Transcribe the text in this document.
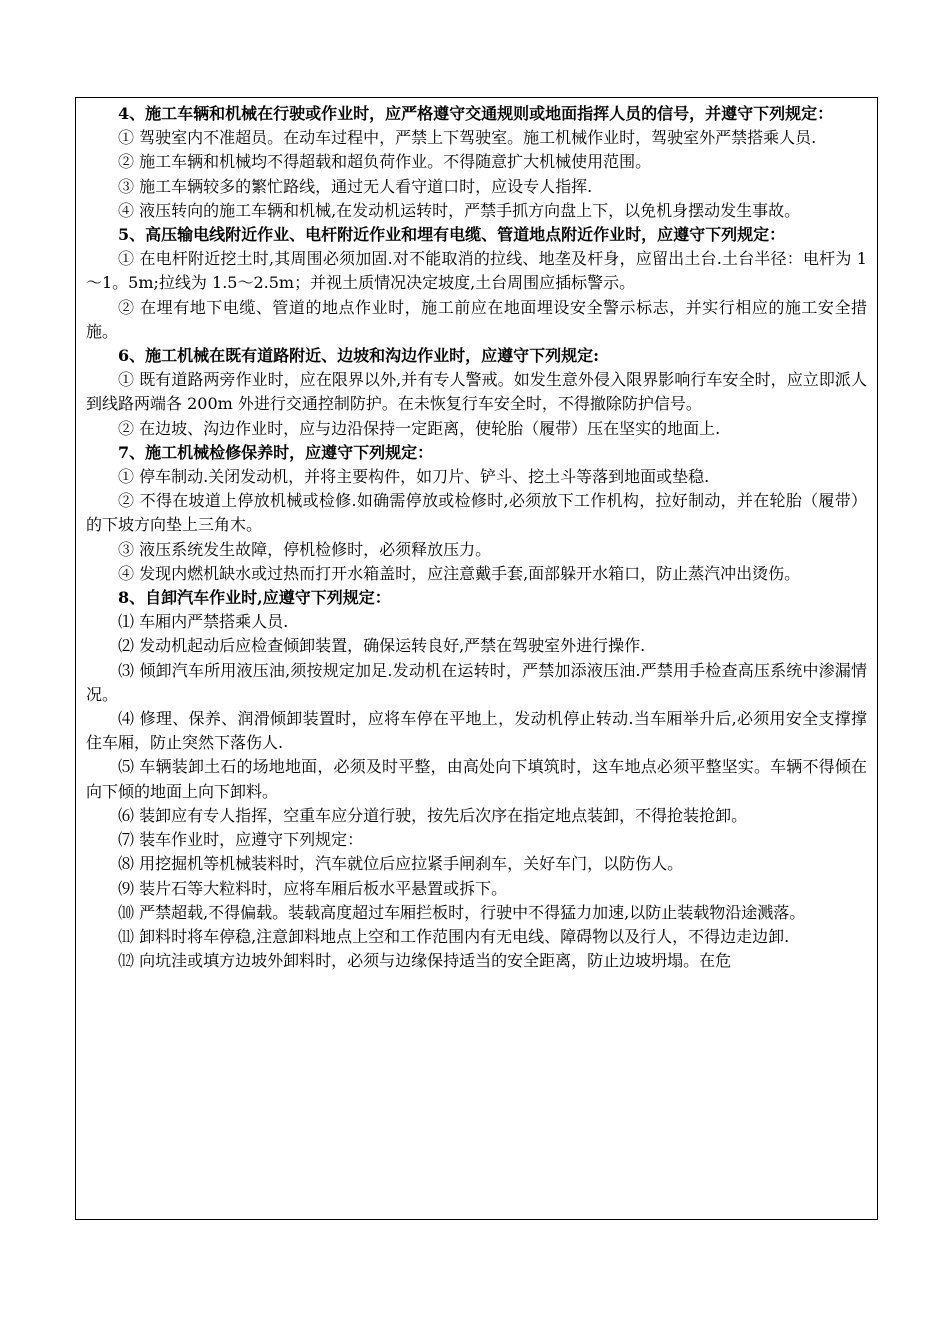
4、施工车辆和机械在行驶或作业时，应严格遵守交通规则或地面指挥人员的信号，并遵守下列规定：

① 驾驶室内不准超员。在动车过程中，严禁上下驾驶室。施工机械作业时，驾驶室外严禁搭乘人员.

② 施工车辆和机械均不得超载和超负荷作业。不得随意扩大机械使用范围。

③ 施工车辆较多的繁忙路线，通过无人看守道口时，应设专人指挥.

④ 液压转向的施工车辆和机械,在发动机运转时，严禁手抓方向盘上下，以免机身摆动发生事故。

5、高压输电线附近作业、电杆附近作业和埋有电缆、管道地点附近作业时，应遵守下列规定：

① 在电杆附近挖土时,其周围必须加固.对不能取消的拉线、地垄及杆身，应留出土台.土台半径：电杆为 1～1。5m;拉线为 1.5～2.5m；并视土质情况决定坡度,土台周围应插标警示。

② 在埋有地下电缆、管道的地点作业时，施工前应在地面埋设安全警示标志，并实行相应的施工安全措施。

6、施工机械在既有道路附近、边坡和沟边作业时，应遵守下列规定:

① 既有道路两旁作业时，应在限界以外,并有专人警戒。如发生意外侵入限界影响行车安全时，应立即派人到线路两端各 200m 外进行交通控制防护。在未恢复行车安全时，不得撤除防护信号。

② 在边坡、沟边作业时，应与边沿保持一定距离，使轮胎（履带）压在坚实的地面上.

7、施工机械检修保养时，应遵守下列规定：

① 停车制动.关闭发动机，并将主要构件，如刀片、铲斗、挖土斗等落到地面或垫稳.

② 不得在坡道上停放机械或检修.如确需停放或检修时,必须放下工作机构，拉好制动，并在轮胎（履带）的下坡方向垫上三角木。

③ 液压系统发生故障，停机检修时，必须释放压力。

④ 发现内燃机缺水或过热而打开水箱盖时，应注意戴手套,面部躲开水箱口，防止蒸汽冲出烫伤。

8、自卸汽车作业时,应遵守下列规定：

⑴ 车厢内严禁搭乘人员.

⑵ 发动机起动后应检查倾卸装置，确保运转良好,严禁在驾驶室外进行操作.

⑶ 倾卸汽车所用液压油,须按规定加足.发动机在运转时，严禁加添液压油.严禁用手检查高压系统中渗漏情况。

⑷ 修理、保养、润滑倾卸装置时，应将车停在平地上，发动机停止转动.当车厢举升后,必须用安全支撑撑住车厢，防止突然下落伤人.

⑸ 车辆装卸土石的场地地面，必须及时平整，由高处向下填筑时，这车地点必须平整坚实。车辆不得倾在向下倾的地面上向下卸料。

⑹ 装卸应有专人指挥，空重车应分道行驶，按先后次序在指定地点装卸，不得抢装抢卸。

⑺ 装车作业时，应遵守下列规定：

⑻ 用挖掘机等机械装料时，汽车就位后应拉紧手闸刹车，关好车门，以防伤人。

⑼ 装片石等大粒料时，应将车厢后板水平悬置或拆下。

⑽ 严禁超载,不得偏载。装载高度超过车厢拦板时，行驶中不得猛力加速,以防止装载物沿途溅落。

⑾ 卸料时将车停稳,注意卸料地点上空和工作范围内有无电线、障碍物以及行人，不得边走边卸.

⑿ 向坑洼或填方边坡外卸料时，必须与边缘保持适当的安全距离，防止边坡坍塌。在危
